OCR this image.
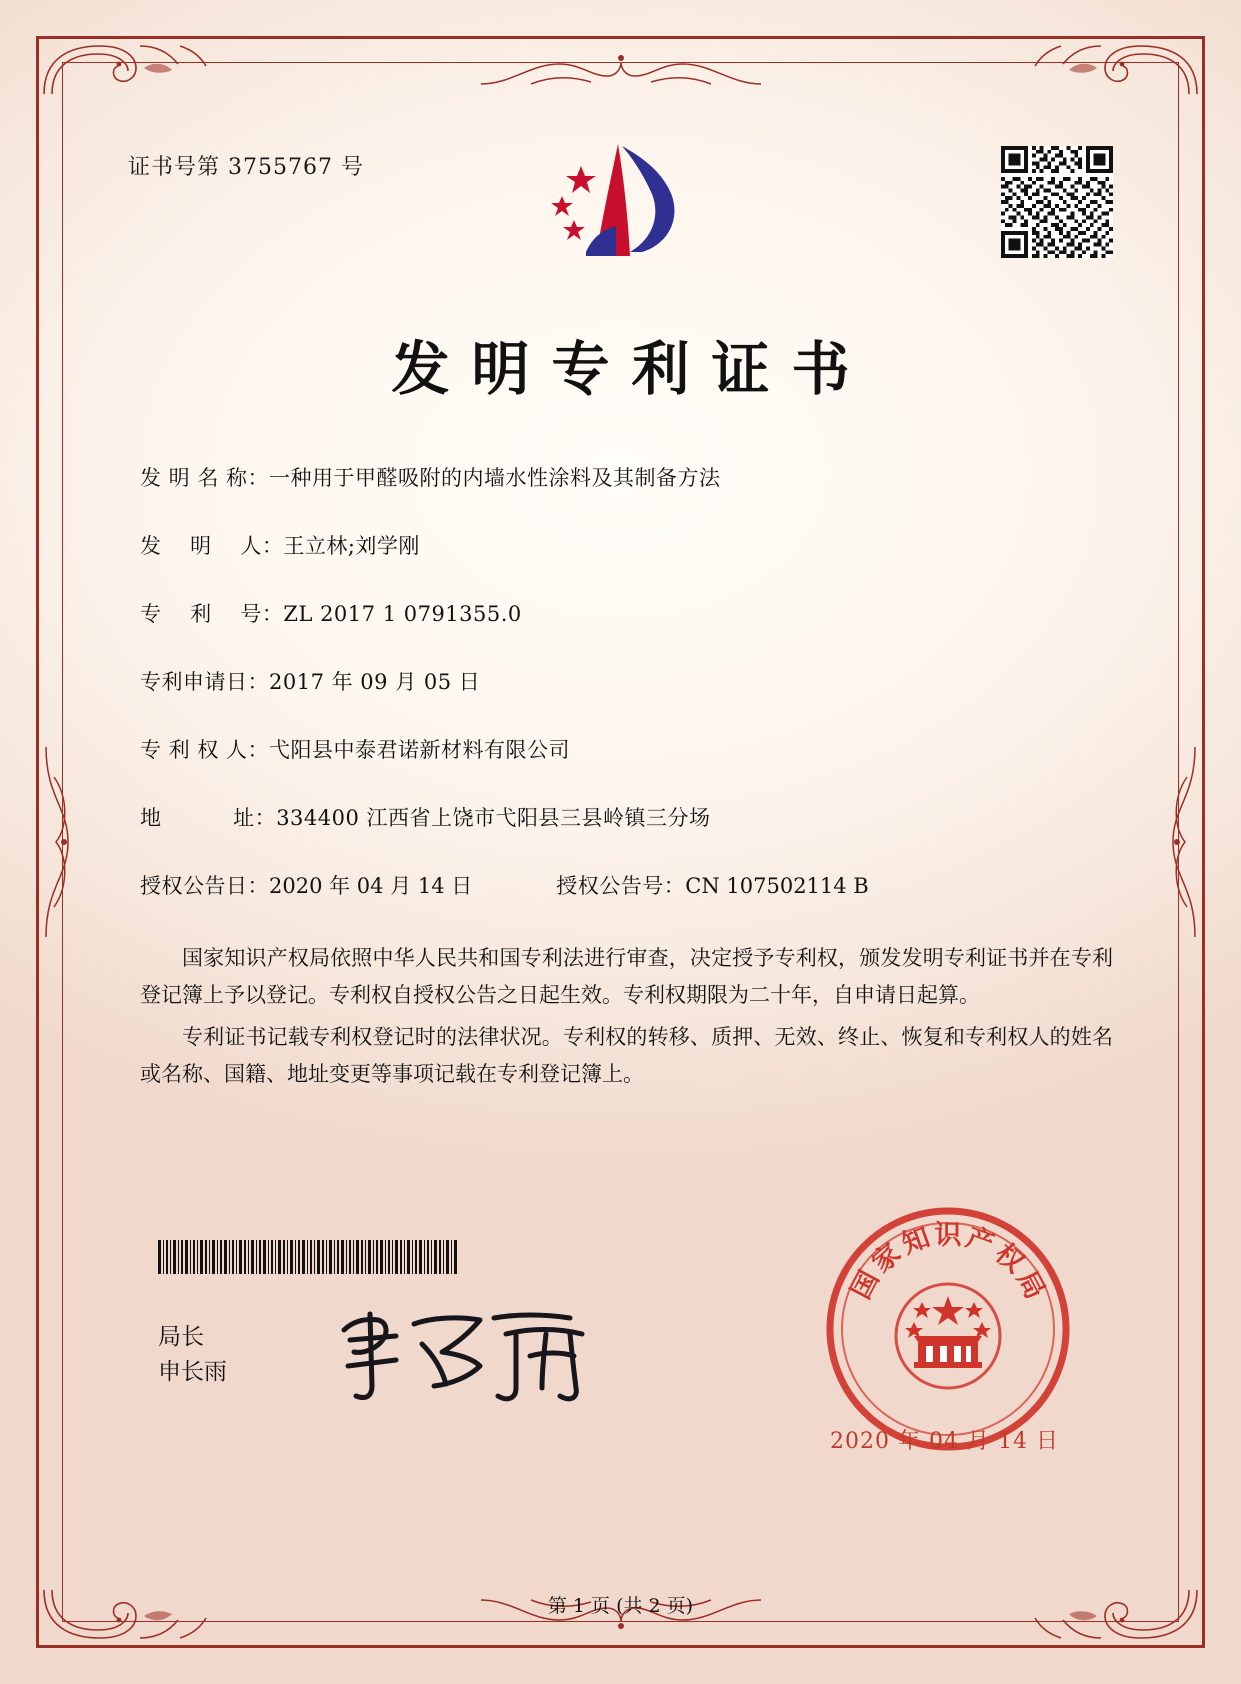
证书号第 3755767 号
发明专利证书
发 明 名 称： 一种用于甲醛吸附的内墙水性涂料及其制备方法
发　 明　 人： 王立林;刘学刚
专　 利　 号： ZL 2017 1 0791355.0
专利申请日： 2017 年 09 月 05 日
专 利 权 人： 弋阳县中泰君诺新材料有限公司
地　　 　址： 334400 江西省上饶市弋阳县三县岭镇三分场
授权公告日： 2020 年 04 月 14 日	授权公告号： CN 107502114 B

国家知识产权局依照中华人民共和国专利法进行审查，决定授予专利权，颁发发明专利证书并在专利登记簿上予以登记。专利权自授权公告之日起生效。专利权期限为二十年，自申请日起算。

专利证书记载专利权登记时的法律状况。专利权的转移、质押、无效、终止、恢复和专利权人的姓名或名称、国籍、地址变更等事项记载在专利登记簿上。

局长
申长雨
国
家
知 识 产
权
局
2020 年 04 月 14 日
第 1 页 (共 2 页)
